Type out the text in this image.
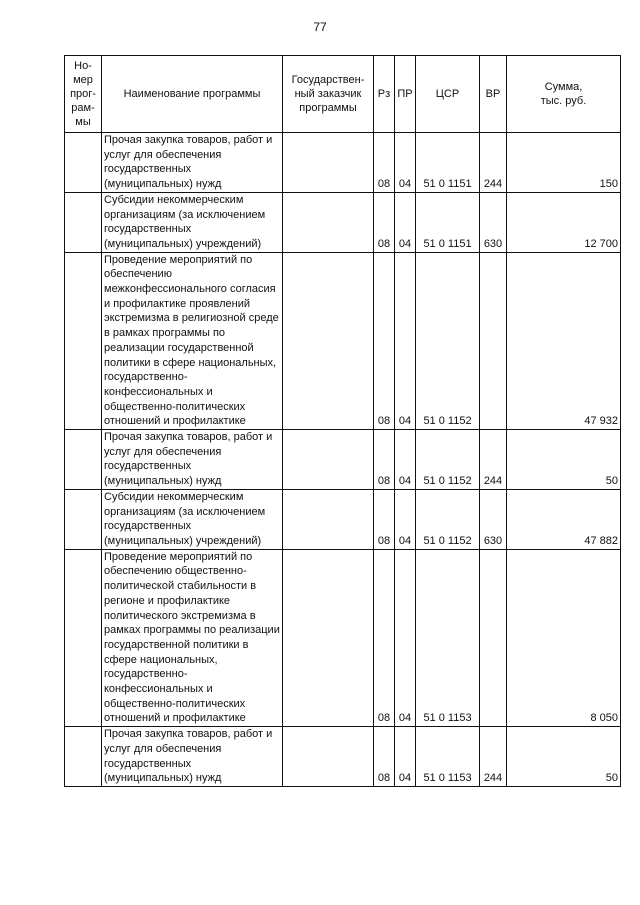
77
Но-
мер
прог-
рам-
мы	Наименование программы	Государствен-
ный заказчик
программы	Рз	ПР	ЦСР	ВР	Сумма,
тыс. руб.
	Прочая закупка товаров, работ и услуг для обеспечения государственных (муниципальных) нужд		08	04	51 0 1151	244	150
	Субсидии некоммерческим организациям (за исключением государственных (муниципальных) учреждений)		08	04	51 0 1151	630	12 700
	Проведение мероприятий по обеспечению межконфессионального согласия и профилактике проявлений экстремизма в религиозной среде в рамках программы по реализации государственной политики в сфере национальных, государственно-конфессиональных и общественно-политических отношений и профилактике		08	04	51 0 1152		47 932
	Прочая закупка товаров, работ и услуг для обеспечения государственных (муниципальных) нужд		08	04	51 0 1152	244	50
	Субсидии некоммерческим организациям (за исключением государственных (муниципальных) учреждений)		08	04	51 0 1152	630	47 882
	Проведение мероприятий по обеспечению общественно-политической стабильности в регионе и профилактике политического экстремизма в рамках программы по реализации государственной политики в сфере национальных, государственно-конфессиональных и общественно-политических отношений и профилактике		08	04	51 0 1153		8 050
	Прочая закупка товаров, работ и услуг для обеспечения государственных (муниципальных) нужд		08	04	51 0 1153	244	50
